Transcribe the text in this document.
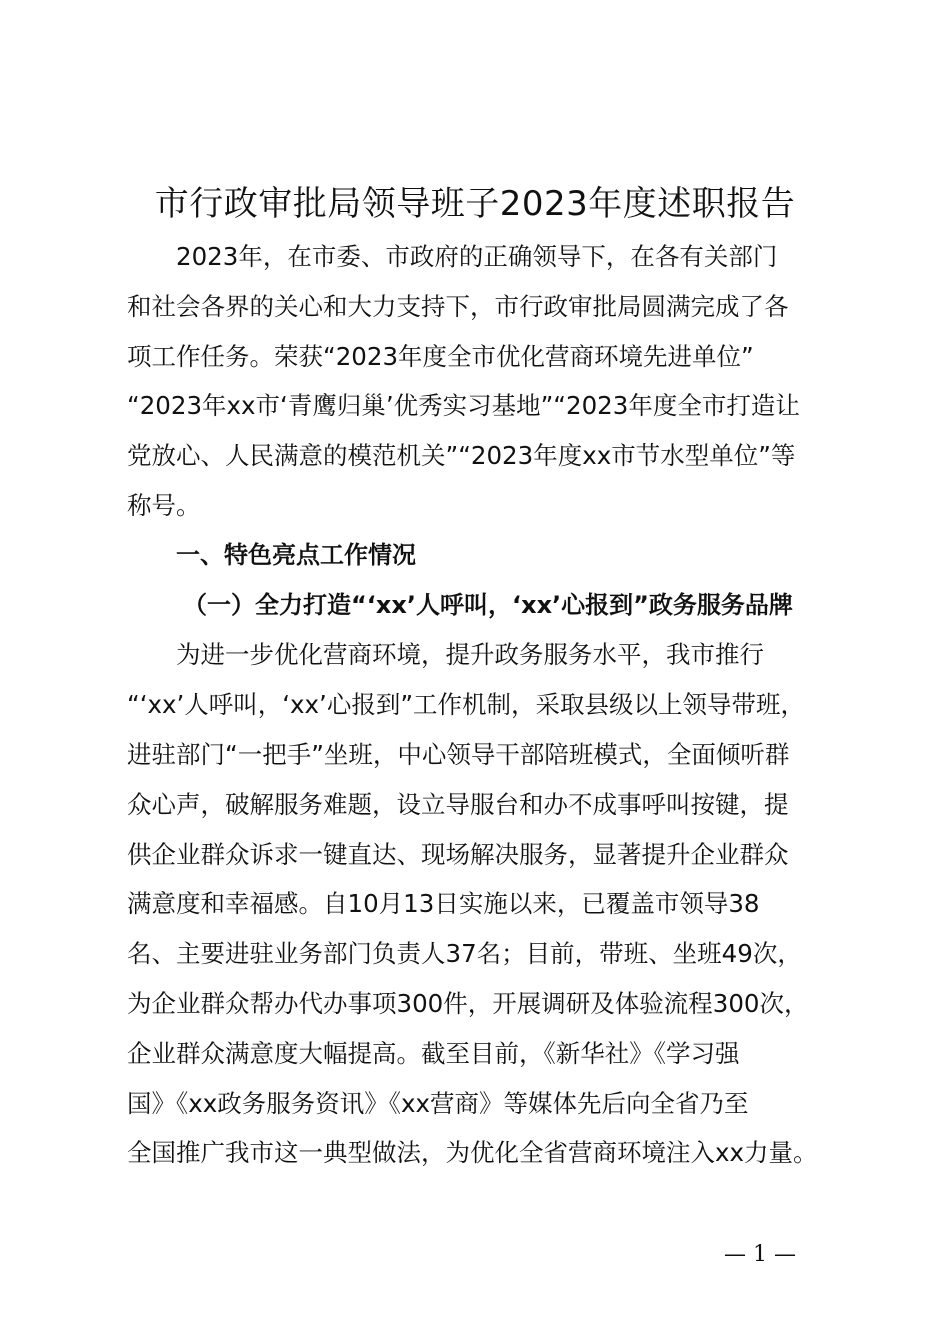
市行政审批局领导班子2023年度述职报告
2023年，在市委、市政府的正确领导下，在各有关部门
和社会各界的关心和大力支持下，市行政审批局圆满完成了各
项工作任务。荣获“2023年度全市优化营商环境先进单位”
“2023年xx市‘青鹰归巢’优秀实习基地”“2023年度全市打造让
党放心、人民满意的模范机关”“2023年度xx市节水型单位”等
称号。
一、特色亮点工作情况
（一）全力打造“‘xx’人呼叫，‘xx’心报到”政务服务品牌
为进一步优化营商环境，提升政务服务水平，我市推行
“‘xx’人呼叫，‘xx’心报到”工作机制，采取县级以上领导带班，
进驻部门“一把手”坐班，中心领导干部陪班模式，全面倾听群
众心声，破解服务难题，设立导服台和办不成事呼叫按键，提
供企业群众诉求一键直达、现场解决服务，显著提升企业群众
满意度和幸福感。自10月13日实施以来，已覆盖市领导38
名、主要进驻业务部门负责人37名；目前，带班、坐班49次，
为企业群众帮办代办事项300件，开展调研及体验流程300次，
企业群众满意度大幅提高。截至目前，《新华社》《学习强
国》《xx政务服务资讯》《xx营商》等媒体先后向全省乃至
全国推广我市这一典型做法，为优化全省营商环境注入xx力量。
— 1 —
